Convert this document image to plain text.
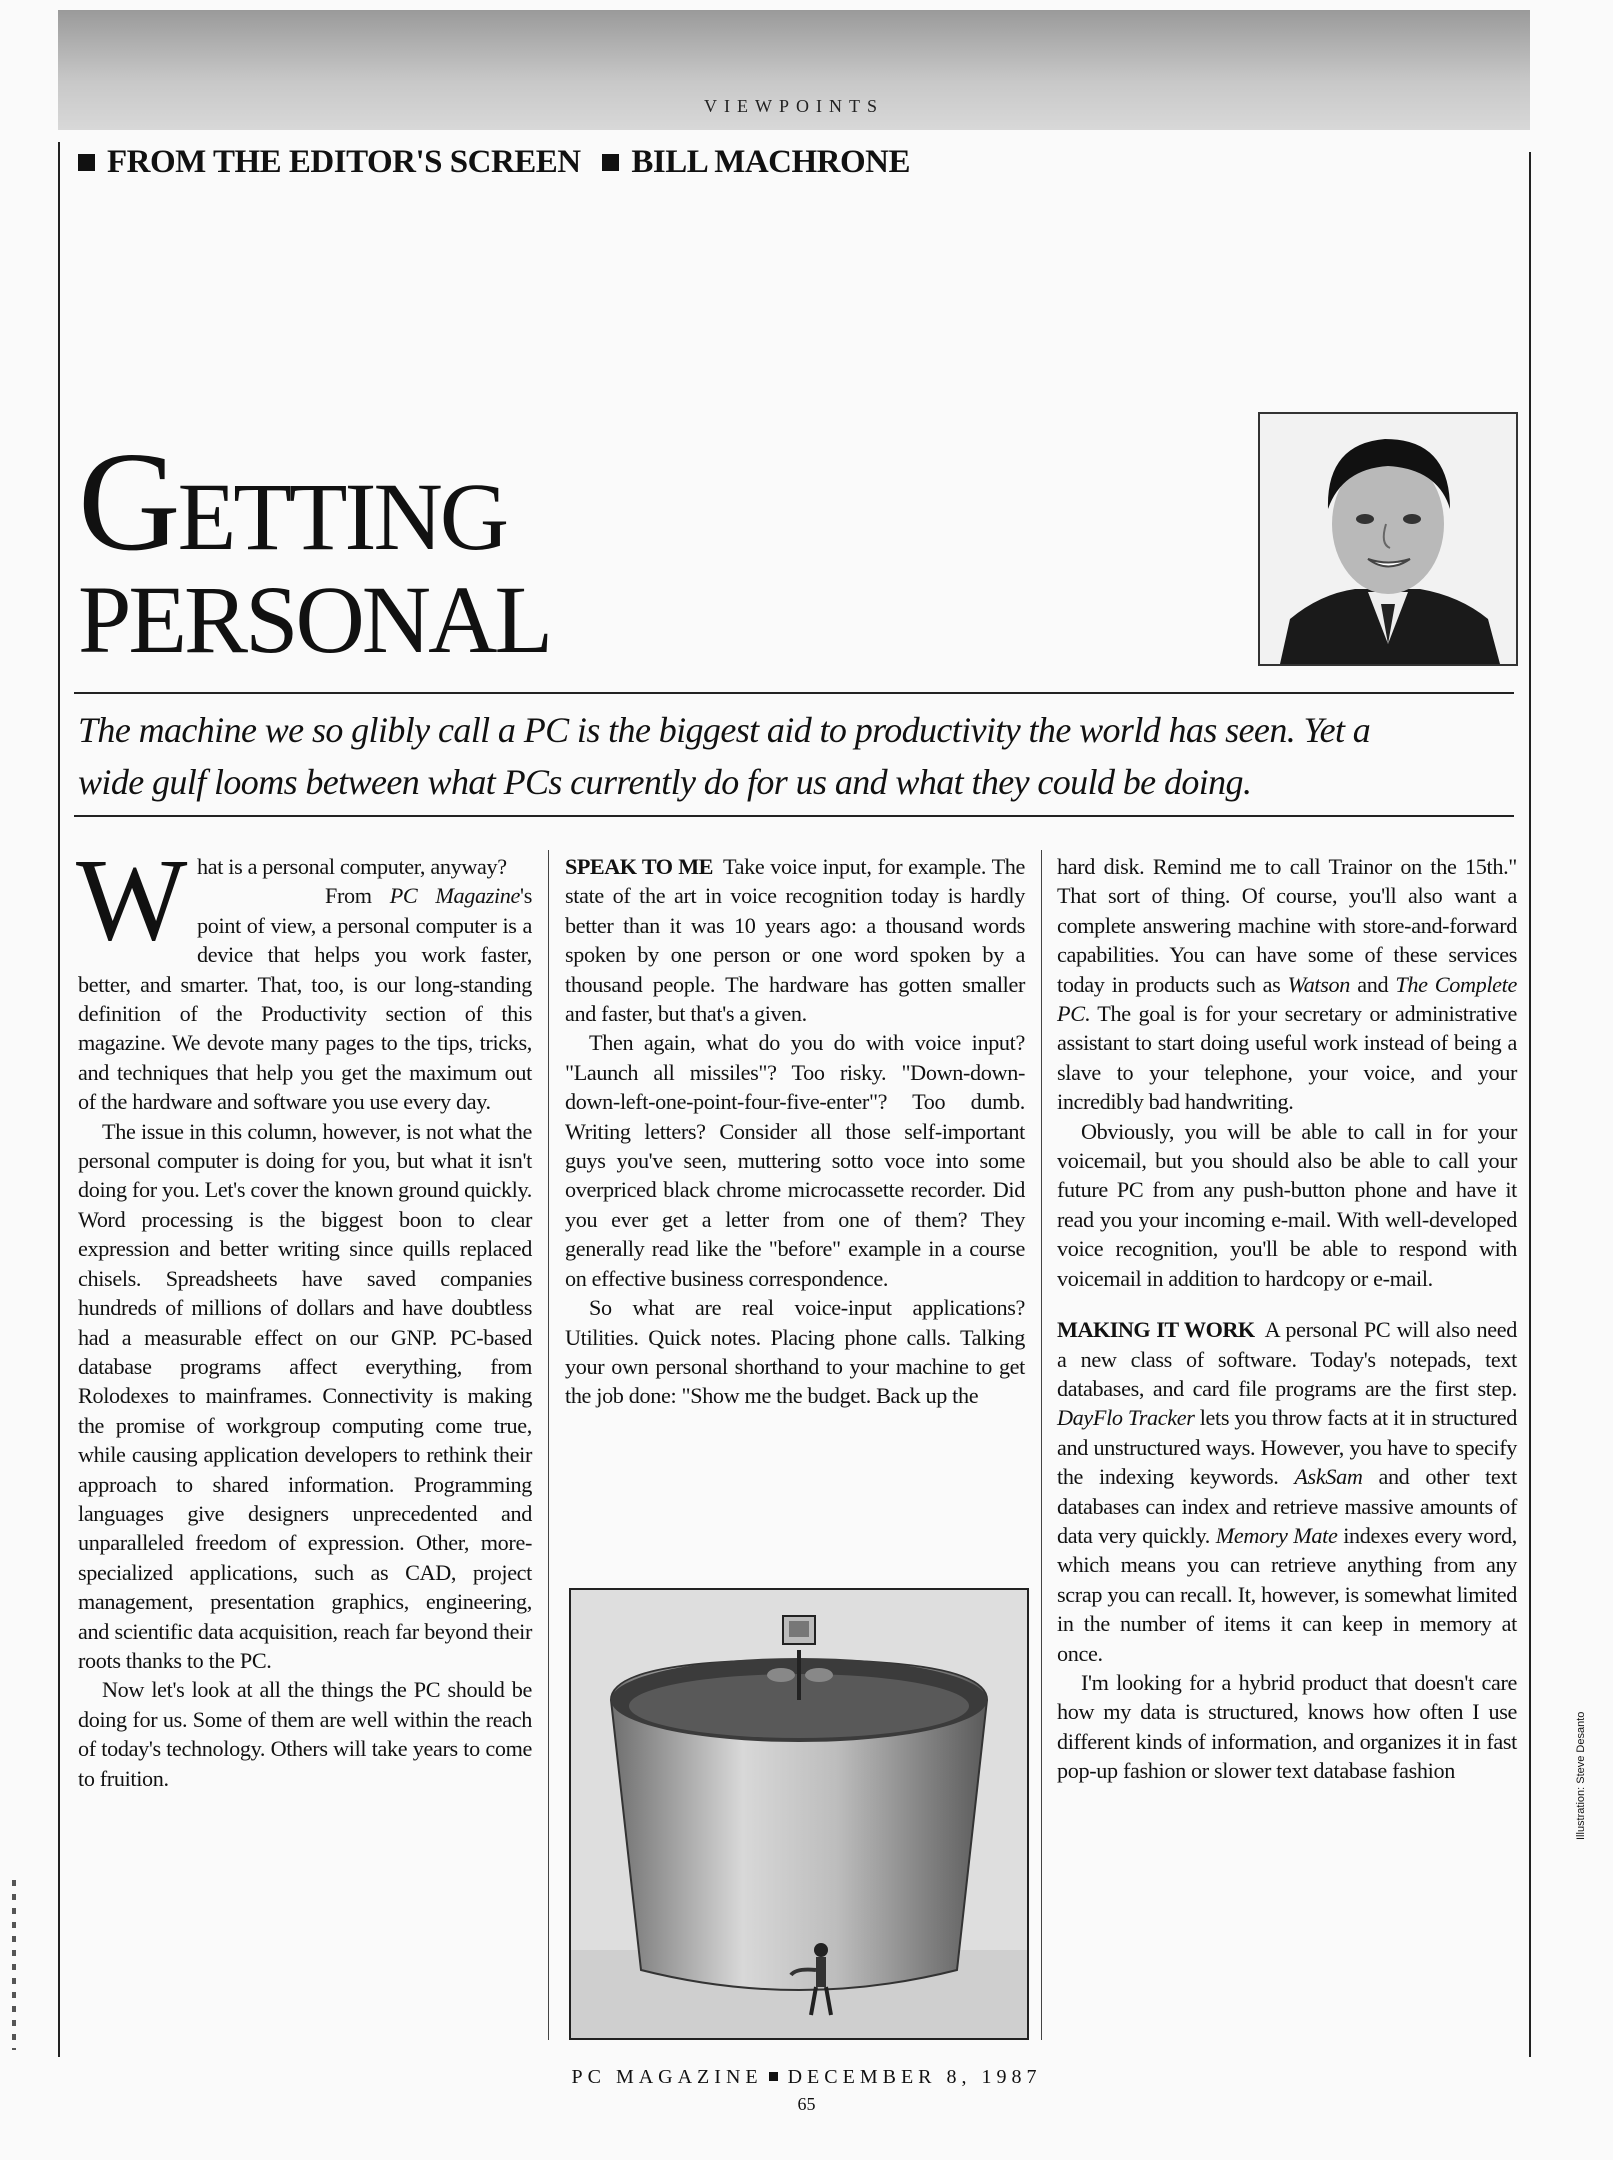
VIEWPOINTS
FROM THE EDITOR'S SCREEN BILL MACHRONE
GETTING
PERSONAL
The machine we so glibly call a PC is the biggest aid to productivity the world has seen. Yet a
wide gulf looms between what PCs currently do for us and what they could be doing.

What is a personal computer, anyway?
From PC Magazine's point of view, a personal computer is a device that helps you work faster, better, and smarter. That, too, is our long-standing definition of the Productivity section of this magazine. We devote many pages to the tips, tricks, and techniques that help you get the maximum out of the hardware and software you use every day.

The issue in this column, however, is not what the personal computer is doing for you, but what it isn't doing for you. Let's cover the known ground quickly. Word processing is the biggest boon to clear expression and better writing since quills replaced chisels. Spreadsheets have saved companies hundreds of millions of dollars and have doubtless had a measurable effect on our GNP. PC-based database programs affect everything, from Rolodexes to mainframes. Connectivity is making the promise of workgroup computing come true, while causing application developers to rethink their approach to shared information. Programming languages give designers unprecedented and unparalleled freedom of expression. Other, more-specialized applications, such as CAD, project management, presentation graphics, engineering, and scientific data acquisition, reach far beyond their roots thanks to the PC.

Now let's look at all the things the PC should be doing for us. Some of them are well within the reach of today's technology. Others will take years to come to fruition.

SPEAK TO ME Take voice input, for example. The state of the art in voice recognition today is hardly better than it was 10 years ago: a thousand words spoken by one person or one word spoken by a thousand people. The hardware has gotten smaller and faster, but that's a given.

Then again, what do you do with voice input? "Launch all missiles"? Too risky. "Down-down-down-left-one-point-four-five-enter"? Too dumb. Writing letters? Consider all those self-important guys you've seen, muttering sotto voce into some overpriced black chrome microcassette recorder. Did you ever get a letter from one of them? They generally read like the "before" example in a course on effective business correspondence.

So what are real voice-input applications? Utilities. Quick notes. Placing phone calls. Talking your own personal shorthand to your machine to get the job done: "Show me the budget. Back up the

hard disk. Remind me to call Trainor on the 15th." That sort of thing. Of course, you'll also want a complete answering machine with store-and-forward capabilities. You can have some of these services today in products such as Watson and The Complete PC. The goal is for your secretary or administrative assistant to start doing useful work instead of being a slave to your telephone, your voice, and your incredibly bad handwriting.

Obviously, you will be able to call in for your voicemail, but you should also be able to call your future PC from any push-button phone and have it read you your incoming e-mail. With well-developed voice recognition, you'll be able to respond with voicemail in addition to hardcopy or e-mail.

MAKING IT WORK A personal PC will also need a new class of software. Today's notepads, text databases, and card file programs are the first step. DayFlo Tracker lets you throw facts at it in structured and unstructured ways. However, you have to specify the indexing keywords. AskSam and other text databases can index and retrieve massive amounts of data very quickly. Memory Mate indexes every word, which means you can retrieve anything from any scrap you can recall. It, however, is somewhat limited in the number of items it can keep in memory at once.

I'm looking for a hybrid product that doesn't care how my data is structured, knows how often I use different kinds of information, and organizes it in fast pop-up fashion or slower text database fashion	Illustration: Steve Desanto
PC MAGAZINE DECEMBER 8, 1987
65
